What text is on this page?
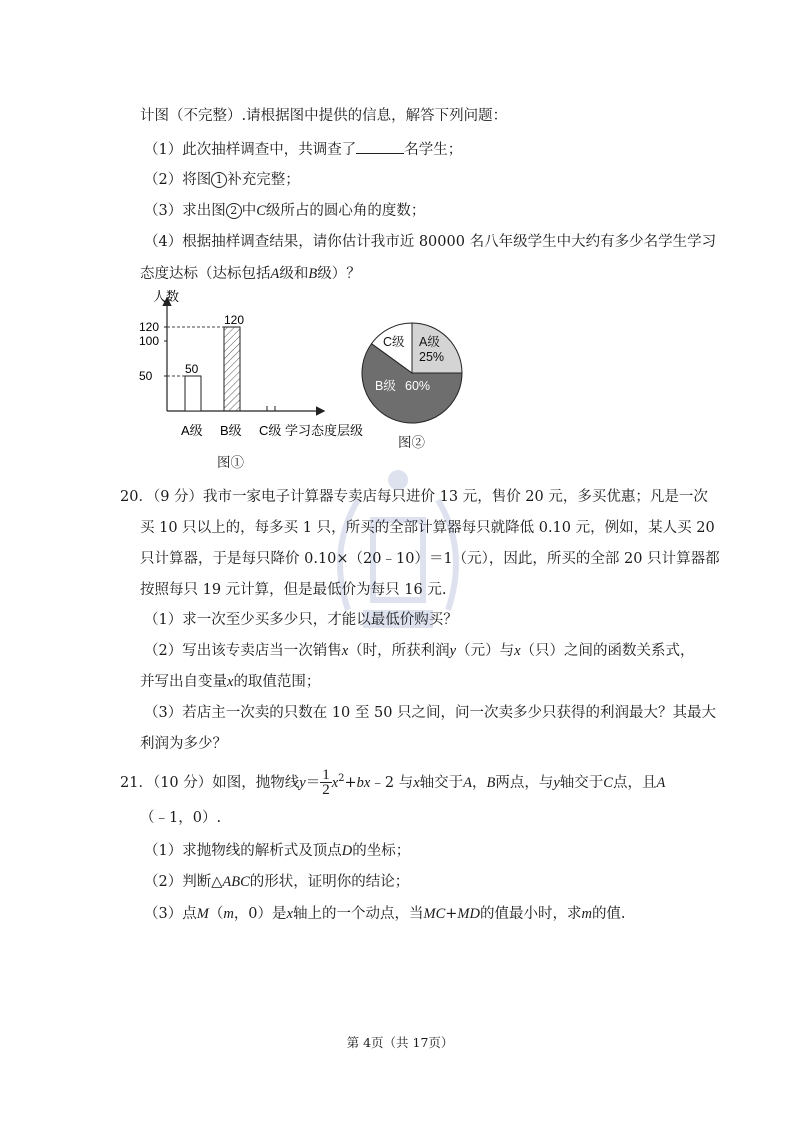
计图（不完整）.请根据图中提供的信息，解答下列问题：
（1）此次抽样调查中，共调查了	名学生；
（2）将图 1 补充完整；
（3）求出图 2 中C级所占的圆心角的度数；
（4）根据抽样调查结果，请你估计我市近 80000 名八年级学生中大约有多少名学生学习
态度达标（达标包括A级和B级）？
人数
50
100
120
50
A级
120
B级 C级 学习态度层级
图①
A级
25%
B级 60%
C级
图②
20．（9 分）我市一家电子计算器专卖店每只进价 13 元，售价 20 元，多买优惠；凡是一次
买 10 只以上的，每多买 1 只，所买的全部计算器每只就降低 0.10 元，例如，某人买 20
只计算器，于是每只降价 0.10×（20﹣10）＝1（元），因此，所买的全部 20 只计算器都
按照每只 19 元计算，但是最低价为每只 16 元.
（1）求一次至少买多少只，才能以最低价购买？
（2）写出该专卖店当一次销售x（时，所获利润y（元）与x（只）之间的函数关系式，
并写出自变量x的取值范围；
（3）若店主一次卖的只数在 10 至 50 只之间，问一次卖多少只获得的利润最大？其最大
利润为多少？
21．（10 分）如图，抛物线$y= \frac{1}{2}$ $x^2+bx﹣2$ 与x轴交于A，B两点，与y轴交于C点，且A
（﹣1，0）.
（1）求抛物线的解析式及顶点D的坐标；
（2）判断△ABC的形状，证明你的结论；
（3）点M（m，0）是x轴上的一个动点，当MC+MD的值最小时，求m的值.
第 4页（共 17页）
